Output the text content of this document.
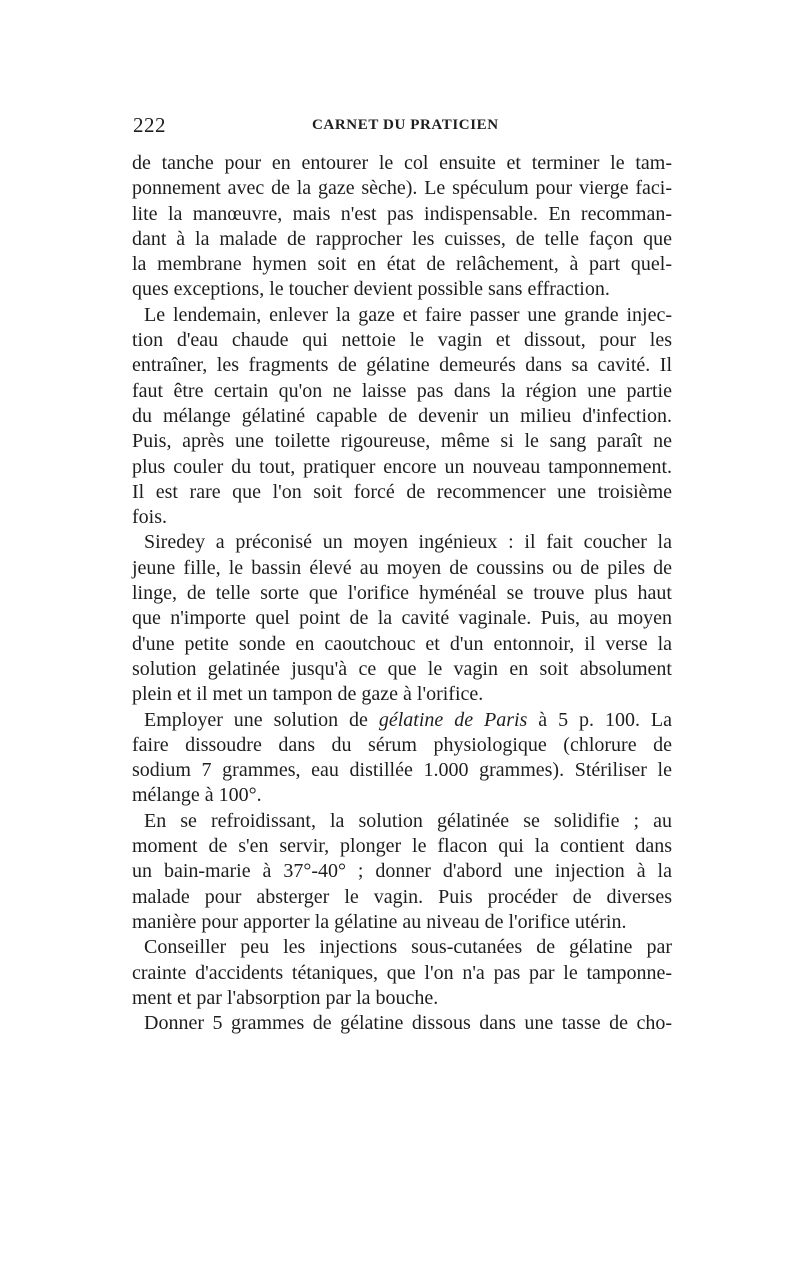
222	CARNET DU PRATICIEN
de tanche pour en entourer le col ensuite et terminer le tam-
ponnement avec de la gaze sèche). Le spéculum pour vierge faci-
lite la manœuvre, mais n'est pas indispensable. En recomman-
dant à la malade de rapprocher les cuisses, de telle façon que
la membrane hymen soit en état de relâchement, à part quel-
ques exceptions, le toucher devient possible sans effraction.
Le lendemain, enlever la gaze et faire passer une grande injec-
tion d'eau chaude qui nettoie le vagin et dissout, pour les
entraîner, les fragments de gélatine demeurés dans sa cavité. Il
faut être certain qu'on ne laisse pas dans la région une partie
du mélange gélatiné capable de devenir un milieu d'infection.
Puis, après une toilette rigoureuse, même si le sang paraît ne
plus couler du tout, pratiquer encore un nouveau tamponnement.
Il est rare que l'on soit forcé de recommencer une troisième
fois.
Siredey a préconisé un moyen ingénieux : il fait coucher la
jeune fille, le bassin élevé au moyen de coussins ou de piles de
linge, de telle sorte que l'orifice hyménéal se trouve plus haut
que n'importe quel point de la cavité vaginale. Puis, au moyen
d'une petite sonde en caoutchouc et d'un entonnoir, il verse la
solution gelatinée jusqu'à ce que le vagin en soit absolument
plein et il met un tampon de gaze à l'orifice.
Employer une solution de gélatine de Paris à 5 p. 100. La
faire dissoudre dans du sérum physiologique (chlorure de
sodium 7 grammes, eau distillée 1.000 grammes). Stériliser le
mélange à 100°.
En se refroidissant, la solution gélatinée se solidifie ; au
moment de s'en servir, plonger le flacon qui la contient dans
un bain-marie à 37°-40° ; donner d'abord une injection à la
malade pour absterger le vagin. Puis procéder de diverses
manière pour apporter la gélatine au niveau de l'orifice utérin.
Conseiller peu les injections sous-cutanées de gélatine par
crainte d'accidents tétaniques, que l'on n'a pas par le tamponne-
ment et par l'absorption par la bouche.
Donner 5 grammes de gélatine dissous dans une tasse de cho-
